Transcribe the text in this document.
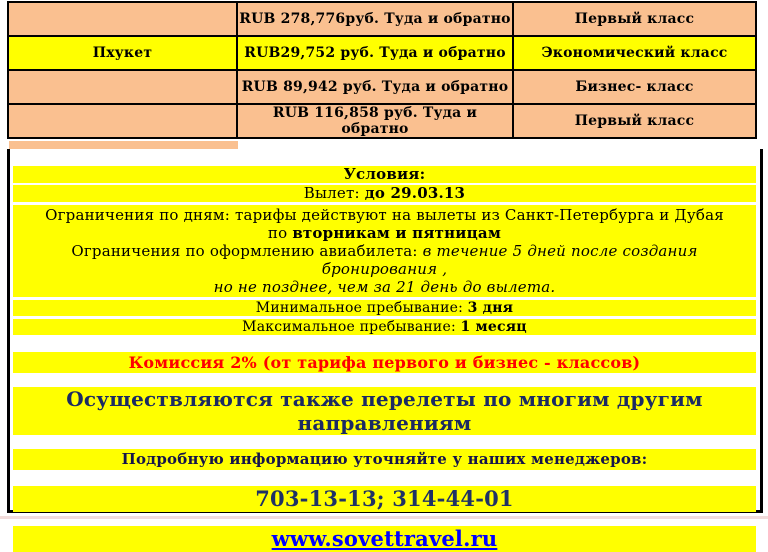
	RUB 278,776руб. Туда и обратно	Первый класс
Пхукет	RUB29,752 руб. Туда и обратно	Экономический класс
	RUB 89,942 руб. Туда и обратно	Бизнес- класс
	RUB 116,858 руб. Туда и обратно	Первый класс
Условия:
Вылет: до 29.03.13
Ограничения по дням: тарифы действуют на вылеты из Санкт-Петербурга и Дубая
по вторникам и пятницам
Ограничения по оформлению авиабилета: в течение 5 дней после создания бронирования ,
но не позднее, чем за 21 день до вылета.
Минимальное пребывание: 3 дня
Максимальное пребывание: 1 месяц
Комиссия 2% (от тарифа первого и бизнес - классов)
Осуществляются также перелеты по многим другим направлениям
Подробную информацию уточняйте у наших менеджеров:
703-13-13; 314-44-01
www.sovettravel.ru
